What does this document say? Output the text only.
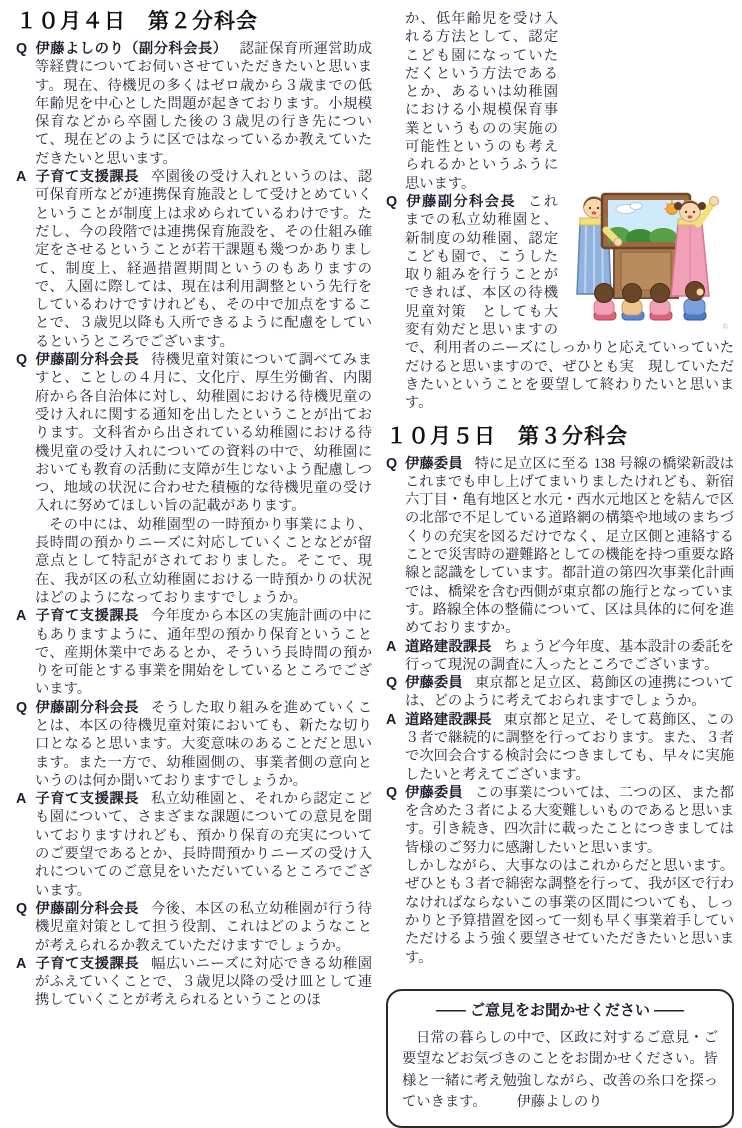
１０月４日　第２分科会

Q 伊藤よしのり（副分科会長） 認証保育所運営助成等経費についてお伺いさせていただきたいと思います。現在、待機児の多くはゼロ歳から３歳までの低年齢児を中心とした問題が起きております。小規模保育などから卒園した後の３歳児の行き先について、現在どのように区ではなっているか教えていただきたいと思います。

A 子育て支援課長 卒園後の受け入れというのは、認可保育所などが連携保育施設として受けとめていくということが制度上は求められているわけです。ただし、今の段階では連携保育施設を、その仕組み確定をさせるということが若干課題も幾つかありまして、制度上、経過措置期間というのもありますので、入園に際しては、現在は利用調整という先行をしているわけですけれども、その中で加点をすることで、３歳児以降も入所できるように配慮をしているというところでございます。

Q 伊藤副分科会長 待機児童対策について調べてみますと、ことしの４月に、文化庁、厚生労働省、内閣府から各自治体に対し、幼稚園における待機児童の受け入れに関する通知を出したということが出ております。文科省から出されている幼稚園における待機児童の受け入れについての資料の中で、幼稚園においても教育の活動に支障が生じないよう配慮しつつ、地域の状況に合わせた積極的な待機児童の受け入れに努めてほしい旨の記載があります。

その中には、幼稚園型の一時預かり事業により、長時間の預かりニーズに対応していくことなどが留意点として特記がされておりました。そこで、現在、我が区の私立幼稚園における一時預かりの状況はどのようになっておりますでしょうか。

A 子育て支援課長 今年度から本区の実施計画の中にもありますように、通年型の預かり保育ということで、産期休業中であるとか、そういう長時間の預かりを可能とする事業を開始をしているところでございます。

Q 伊藤副分科会長 そうした取り組みを進めていくことは、本区の待機児童対策においても、新たな切り口となると思います。大変意味のあることだと思います。また一方で、幼稚園側の、事業者側の意向というのは何か聞いておりますでしょうか。

A 子育て支援課長 私立幼稚園と、それから認定こども園について、さまざまな課題についての意見を聞いておりますけれども、預かり保育の充実についてのご要望であるとか、長時間預かりニーズの受け入れについてのご意見をいただいているところでございます。

Q 伊藤副分科会長 今後、本区の私立幼稚園が行う待機児童対策として担う役割、これはどのようなことが考えられるか教えていただけますでしょうか。

A 子育て支援課長 幅広いニーズに対応できる幼稚園がふえていくことで、３歳児以降の受け皿として連携していくことが考えられるということのほ

©

か、低年齢児を受け入れる方法として、認定こども園になっていただくという方法であるとか、あるいは幼稚園における小規模保育事業というものの実施の可能性というのも考えられるかというふうに思います。

Q 伊藤副分科会長 これまでの私立幼稚園と、新制度の幼稚園、認定こども園で、こうした取り組みを行うことができれば、本区の待機児童対策　としても大変有効だと思いますので、利用者のニーズにしっかりと応えていっていただけると思いますので、ぜひとも実　現していただきたいということを要望して終わりたいと思います。

１０月５日　第３分科会

Q 伊藤委員 特に足立区に至る 138 号線の橋梁新設はこれまでも申し上げてまいりましたけれども、新宿六丁目・亀有地区と水元・西水元地区とを結んで区の北部で不足している道路網の構築や地域のまちづくりの充実を図るだけでなく、足立区側と連絡することで災害時の避難路としての機能を持つ重要な路線と認識をしています。都計道の第四次事業化計画では、橋梁を含む西側が東京都の施行となっています。路線全体の整備について、区は具体的に何を進めておりますか。

A 道路建設課長 ちょうど今年度、基本設計の委託を行って現況の調査に入ったところでございます。

Q 伊藤委員 東京都と足立区、葛飾区の連携については、どのように考えておられますでしょうか。

A 道路建設課長 東京都と足立、そして葛飾区、この３者で継続的に調整を行っております。また、３者で次回会合する検討会につきましても、早々に実施したいと考えてございます。

Q 伊藤委員 この事業については、二つの区、また都を含めた３者による大変難しいものであると思います。引き続き、四次計に載ったことにつきましては皆様のご努力に感謝したいと思います。

しかしながら、大事なのはこれからだと思います。ぜひとも３者で綿密な調整を行って、我が区で行わなければならないこの事業の区間についても、しっかりと予算措置を図って一刻も早く事業着手していただけるよう強く要望させていただきたいと思います。

―― ご意見をお聞かせください ――

日常の暮らしの中で、区政に対するご意見・ご要望などお気づきのことをお聞かせください。皆様と一緒に考え勉強しながら、改善の糸口を探っていきます。 伊藤よしのり
